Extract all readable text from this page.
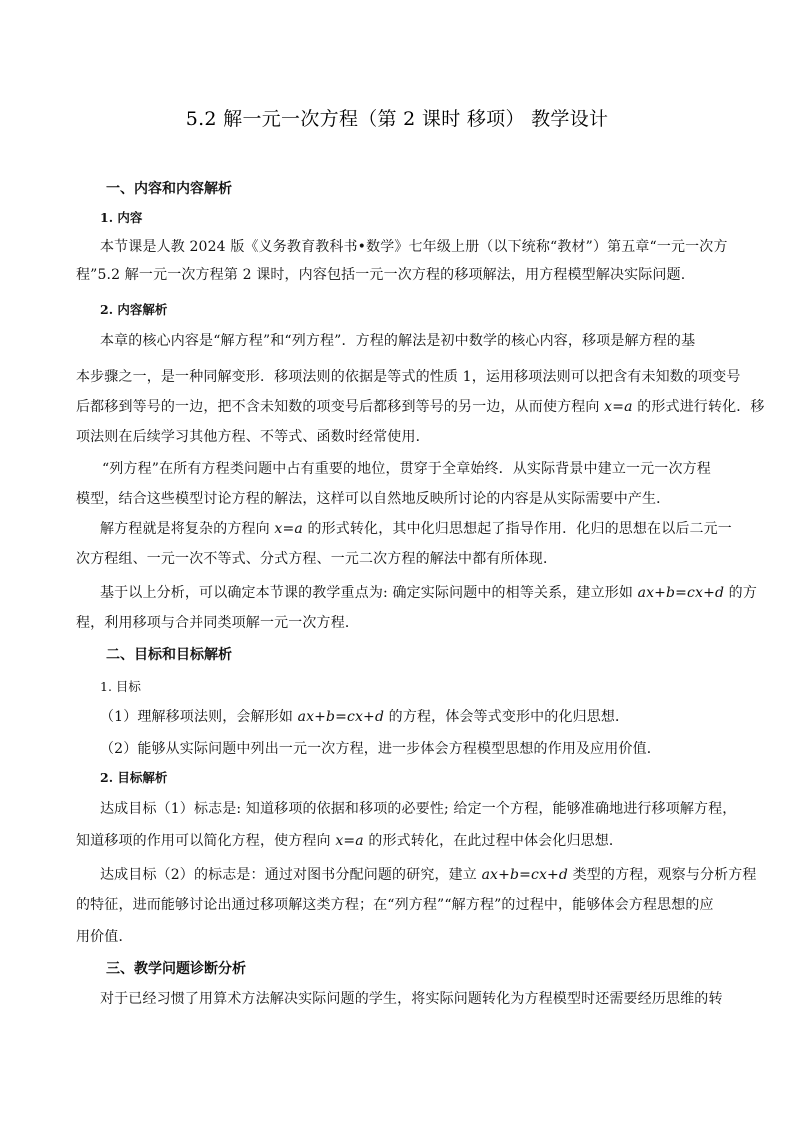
5.2 解一元一次方程（第 2 课时 移项） 教学设计
一、内容和内容解析
1. 内容
本节课是人教 2024 版《义务教育教科书•数学》七年级上册（以下统称“教材”）第五章“一元一次方
程”5.2 解一元一次方程第 2 课时，内容包括一元一次方程的移项解法，用方程模型解决实际问题.
2. 内容解析
本章的核心内容是“解方程”和“列方程”．方程的解法是初中数学的核心内容，移项是解方程的基
本步骤之一，是一种同解变形．移项法则的依据是等式的性质 1，运用移项法则可以把含有未知数的项变号
后都移到等号的一边，把不含未知数的项变号后都移到等号的另一边，从而使方程向 x=a 的形式进行转化．移
项法则在后续学习其他方程、不等式、函数时经常使用．
“列方程”在所有方程类问题中占有重要的地位，贯穿于全章始终．从实际背景中建立一元一次方程
模型，结合这些模型讨论方程的解法，这样可以自然地反映所讨论的内容是从实际需要中产生．
解方程就是将复杂的方程向 x=a 的形式转化，其中化归思想起了指导作用．化归的思想在以后二元一
次方程组、一元一次不等式、分式方程、一元二次方程的解法中都有所体现．
基于以上分析，可以确定本节课的教学重点为: 确定实际问题中的相等关系，建立形如 ax+b=cx+d 的方
程，利用移项与合并同类项解一元一次方程．
二、目标和目标解析
1. 目标
（1）理解移项法则，会解形如 ax+b=cx+d 的方程，体会等式变形中的化归思想．
（2）能够从实际问题中列出一元一次方程，进一步体会方程模型思想的作用及应用价值．
2. 目标解析
达成目标（1）标志是: 知道移项的依据和移项的必要性; 给定一个方程，能够准确地进行移项解方程，
知道移项的作用可以简化方程，使方程向 x=a 的形式转化，在此过程中体会化归思想．
达成目标（2）的标志是：通过对图书分配问题的研究，建立 ax+b=cx+d 类型的方程，观察与分析方程
的特征，进而能够讨论出通过移项解这类方程；在“列方程”“解方程”的过程中，能够体会方程思想的应
用价值．
三、教学问题诊断分析
对于已经习惯了用算术方法解决实际问题的学生，将实际问题转化为方程模型时还需要经历思维的转
